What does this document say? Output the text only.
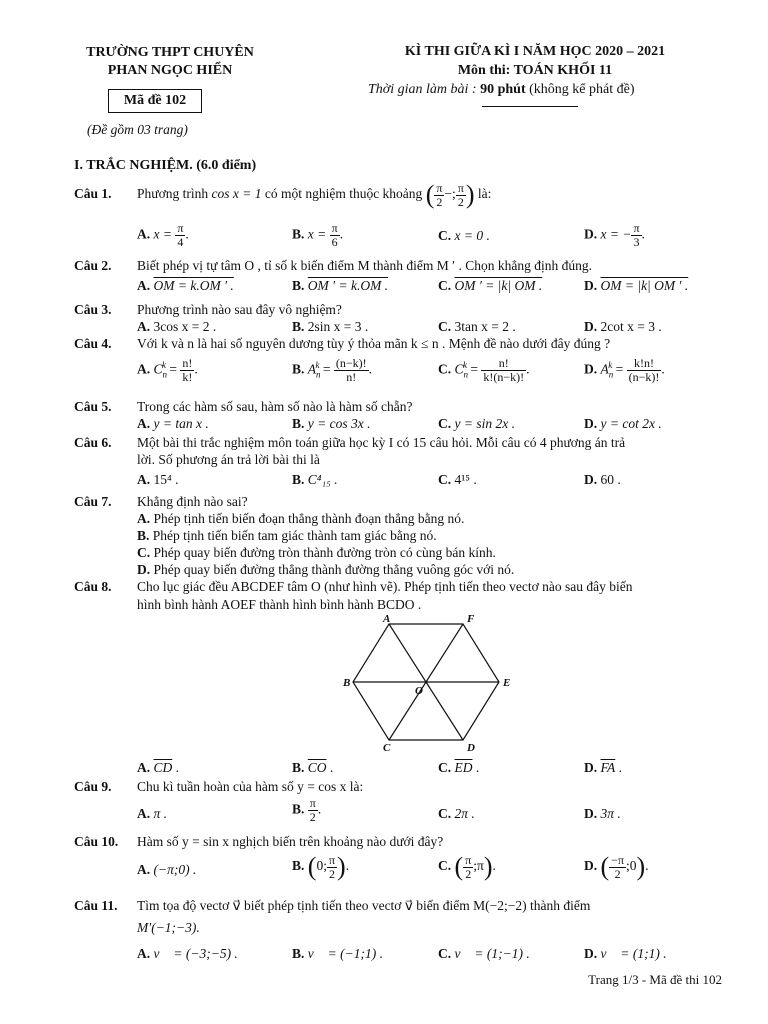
TRƯỜNG THPT CHUYÊN
PHAN NGỌC HIỂN
Mã đề 102
(Đề gồm 03 trang)
KÌ THI GIỮA KÌ I NĂM HỌC 2020 – 2021
Môn thi: TOÁN KHỐI 11
Thời gian làm bài : 90 phút (không kể phát đề)
I. TRẮC NGHIỆM. (6.0 điểm)
Câu 1. Phương trình cos x = 1 có một nghiệm thuộc khoảng ( $\frac{\pi}{2}$ −; $\frac{\pi}{2}$ ) là:
A. $x = \frac{\pi}{4}$ .	B. $x = \frac{\pi}{6}$ .	C. x = 0 .	D. x = − $\frac{\pi}{3}$ .
Câu 2. Biết phép vị tự tâm O , tỉ số k biến điểm M thành điểm M ′ . Chọn khẳng định đúng.
A. OM = k.OM ′ .	B. OM ′ = k.OM .	C. OM ′ = |k| OM .	D. OM = |k| OM ′ .
Câu 3. Phương trình nào sau đây vô nghiệm?
A. 3cos x = 2 .	B. 2sin x = 3 .	C. 3tan x = 2 .	D. 2cot x = 3 .
Câu 4. Với k và n là hai số nguyên dương tùy ý thỏa mãn k ≤ n . Mệnh đề nào dưới đây đúng ?
A. $C_n^k = \frac{n!}{k!}$ .	B. $A_n^k = \frac{(n-k)!}{n!}$ .	C. $C_n^k = \frac{n!}{k!(n-k)!}$ .	D. $A_n^k = \frac{k!n!}{(n-k)!}$ .
Câu 5. Trong các hàm số sau, hàm số nào là hàm số chẵn?
A. y = tan x .	B. y = cos 3x .	C. y = sin 2x .	D. y = cot 2x .
Câu 6. Một bài thi trắc nghiệm môn toán giữa học kỳ I có 15 câu hỏi. Mỗi câu có 4 phương án trả
lời. Số phương án trả lời bài thi là
A. 15⁴ .	B. C⁴₁₅ .	C. 4¹⁵ .	D. 60 .
Câu 7. Khẳng định nào sai?
A. Phép tịnh tiến biến đoạn thẳng thành đoạn thẳng bằng nó.
B. Phép tịnh tiến biến tam giác thành tam giác bằng nó.
C. Phép quay biến đường tròn thành đường tròn có cùng bán kính.
D. Phép quay biến đường thẳng thành đường thẳng vuông góc với nó.
Câu 8. Cho lục giác đều ABCDEF tâm O (như hình vẽ). Phép tịnh tiến theo vectơ nào sau đây biến
hình bình hành AOEF thành hình bình hành BCDO .
A	F
B	E
C	D
O
A. $\overline{CD}$ .	B. $\overline{CO}$ .	C. $\overline{ED}$ .	D. $\overline{FA}$ .
Câu 9. Chu kì tuần hoàn của hàm số y = cos x là:
A. π .	B. $\frac{\pi}{2}$ .	C. 2π .	D. 3π .
Câu 10. Hàm số y = sin x nghịch biến trên khoảng nào dưới đây?
A. (−π;0) .	B. (0; $\frac{\pi}{2}$ ).	C. ( $\frac{\pi}{2}$ ;π).	D. ( $\frac{-\pi}{2}$ ;0).
Câu 11. Tìm tọa độ vectơ v⃗ biết phép tịnh tiến theo vectơ v⃗ biến điểm M(−2;−2) thành điểm
M′(−1;−3).
A. v⃗ = (−3;−5) .	B. v⃗ = (−1;1) .	C. v⃗ = (1;−1) .	D. v⃗ = (1;1) .
Trang 1/3 - Mã đề thi 102
